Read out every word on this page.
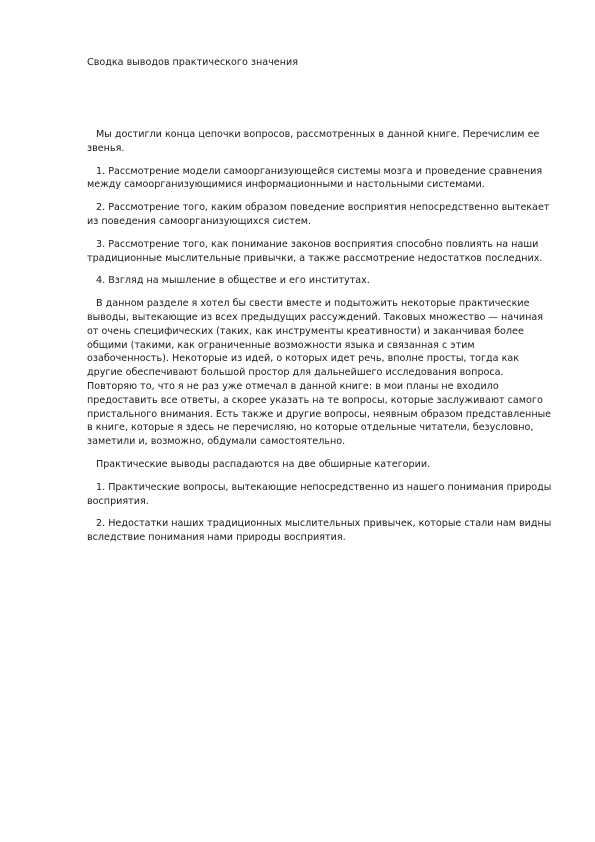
Сводка выводов практического значения

Мы достигли конца цепочки вопросов, рассмотренных в данной книге. Перечислим ее звенья.

1. Рассмотрение модели самоорганизующейся системы мозга и проведение сравнения между самоорганизующимися информационными и настольными системами.

2. Рассмотрение того, каким образом поведение восприятия непосредственно вытекает из поведения самоорганизующихся систем.

3. Рассмотрение того, как понимание законов восприятия способно повлиять на наши традиционные мыслительные привычки, а также рассмотрение недостатков последних.

4. Взгляд на мышление в обществе и его институтах.

В данном разделе я хотел бы свести вместе и подытожить некоторые практические выводы, вытекающие из всех предыдущих рассуждений. Таковых множество — начиная от очень специфических (таких, как инструменты креативности) и заканчивая более общими (такими, как ограниченные возможности языка и связанная с этим озабоченность). Некоторые из идей, о которых идет речь, вполне просты, тогда как другие обеспечивают большой простор для дальнейшего исследования вопроса. Повторяю то, что я не раз уже отмечал в данной книге: в мои планы не входило предоставить все ответы, а скорее указать на те вопросы, которые заслуживают самого пристального внимания. Есть также и другие вопросы, неявным образом представленные в книге, которые я здесь не перечисляю, но которые отдельные читатели, безусловно, заметили и, возможно, обдумали самостоятельно.

Практические выводы распадаются на две обширные категории.

1. Практические вопросы, вытекающие непосредственно из нашего понимания природы восприятия.

2. Недостатки наших традиционных мыслительных привычек, которые стали нам видны вследствие понимания нами природы восприятия.
